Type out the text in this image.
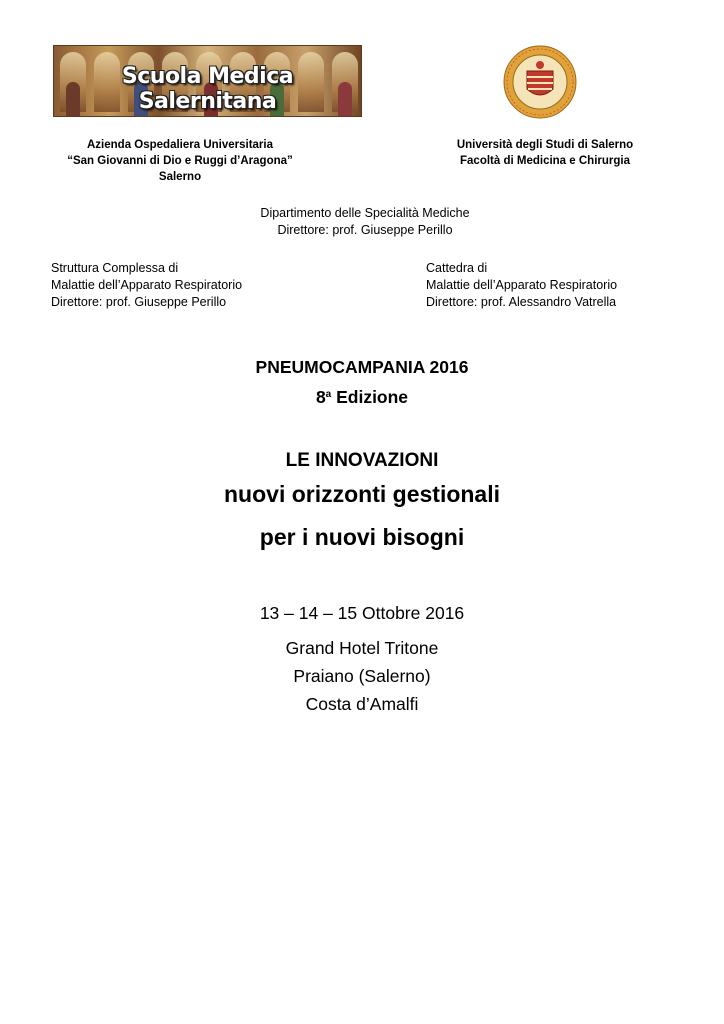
Scuola Medica Salernitana
Azienda Ospedaliera Universitaria
“San Giovanni di Dio e Ruggi d’Aragona”
Salerno
Università degli Studi di Salerno
Facoltà di Medicina e Chirurgia
Dipartimento delle Specialità Mediche
Direttore: prof. Giuseppe Perillo
Struttura Complessa di
Malattie dell’Apparato Respiratorio
Direttore: prof. Giuseppe Perillo
Cattedra di
Malattie dell’Apparato Respiratorio
Direttore: prof. Alessandro Vatrella
PNEUMOCAMPANIA 2016
8$^a$ Edizione
LE INNOVAZIONI
nuovi orizzonti gestionali
per i nuovi bisogni
13 – 14 – 15 Ottobre 2016
Grand Hotel Tritone
Praiano (Salerno)
Costa d’Amalfi
